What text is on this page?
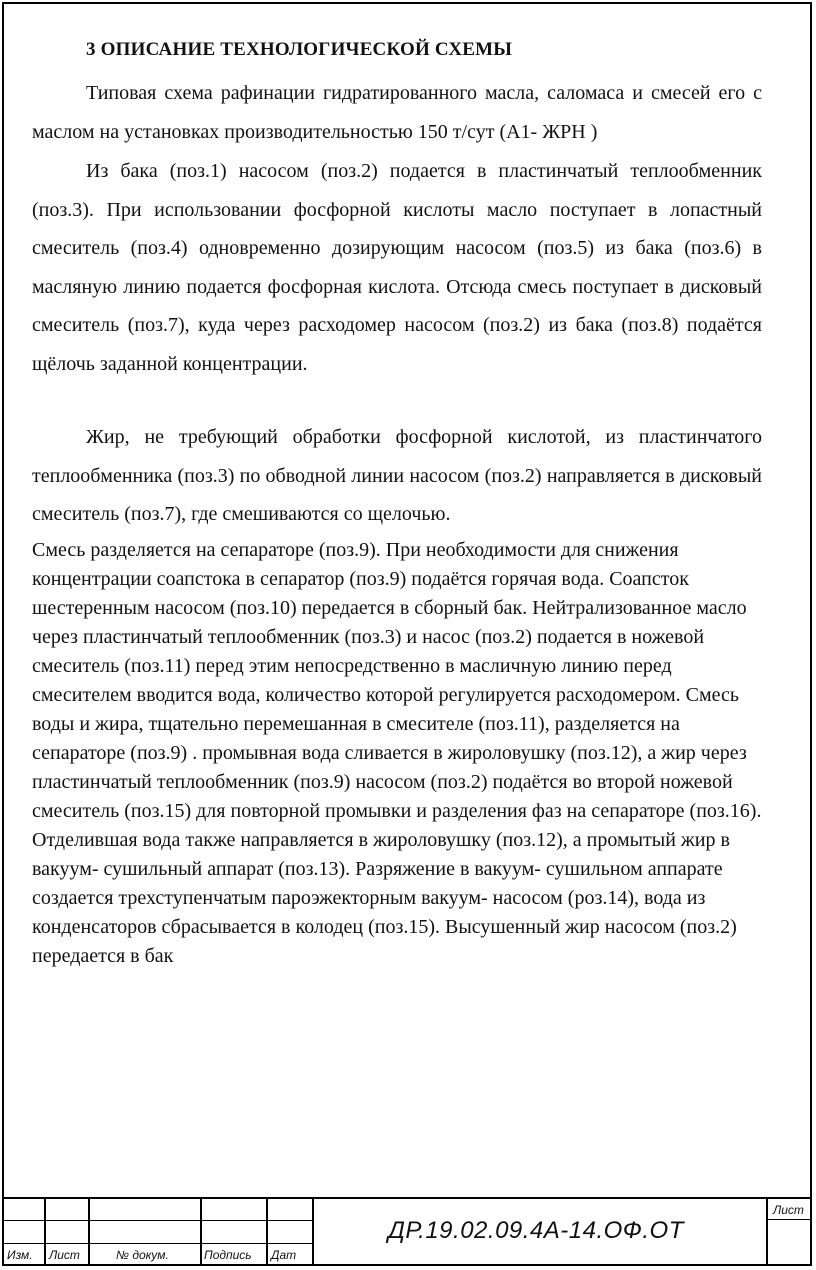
3 ОПИСАНИЕ ТЕХНОЛОГИЧЕСКОЙ СХЕМЫ

Типовая схема рафинации гидратированного масла, саломаса и смесей его с маслом на установках производительностью 150 т/сут (А1- ЖРН )

Из бака (поз.1) насосом (поз.2) подается в пластинчатый теплообменник (поз.3). При использовании фосфорной кислоты масло поступает в лопастный смеситель (поз.4) одновременно дозирующим насосом (поз.5) из бака (поз.6) в масляную линию подается фосфорная кислота. Отсюда смесь поступает в дисковый смеситель (поз.7), куда через расходомер насосом (поз.2) из бака (поз.8) подаётся щёлочь заданной концентрации.

Жир, не требующий обработки фосфорной кислотой, из пластинчатого теплообменника (поз.3) по обводной линии насосом (поз.2) направляется в дисковый смеситель (поз.7), где смешиваются со щелочью.

Смесь разделяется на сепараторе (поз.9). При необходимости для снижения концентрации соапстока в сепаратор (поз.9) подаётся горячая вода. Соапсток шестеренным насосом (поз.10) передается в сборный бак. Нейтрализованное масло через пластинчатый теплообменник (поз.3) и насос (поз.2) подается в ножевой смеситель (поз.11) перед этим непосредственно в масличную линию перед смесителем вводится вода, количество которой регулируется расходомером. Смесь воды и жира, тщательно перемешанная в смесителе (поз.11), разделяется на сепараторе (поз.9) . промывная вода сливается в жироловушку (поз.12), а жир через пластинчатый теплообменник (поз.9) насосом (поз.2) подаётся во второй ножевой смеситель (поз.15) для повторной промывки и разделения фаз на сепараторе (поз.16). Отделившая вода также направляется в жироловушку (поз.12), а промытый жир в вакуум- сушильный аппарат (поз.13). Разряжение в вакуум- сушильном аппарате создается трехступенчатым пароэжекторным вакуум- насосом (роз.14), вода из конденсаторов сбрасывается в колодец (поз.15). Высушенный жир насосом (поз.2) передается в бак

Изм. Лист	№ докум.	Подпись Дат
ДР.19.02.09.4А-14.ОФ.ОТ
Лист
